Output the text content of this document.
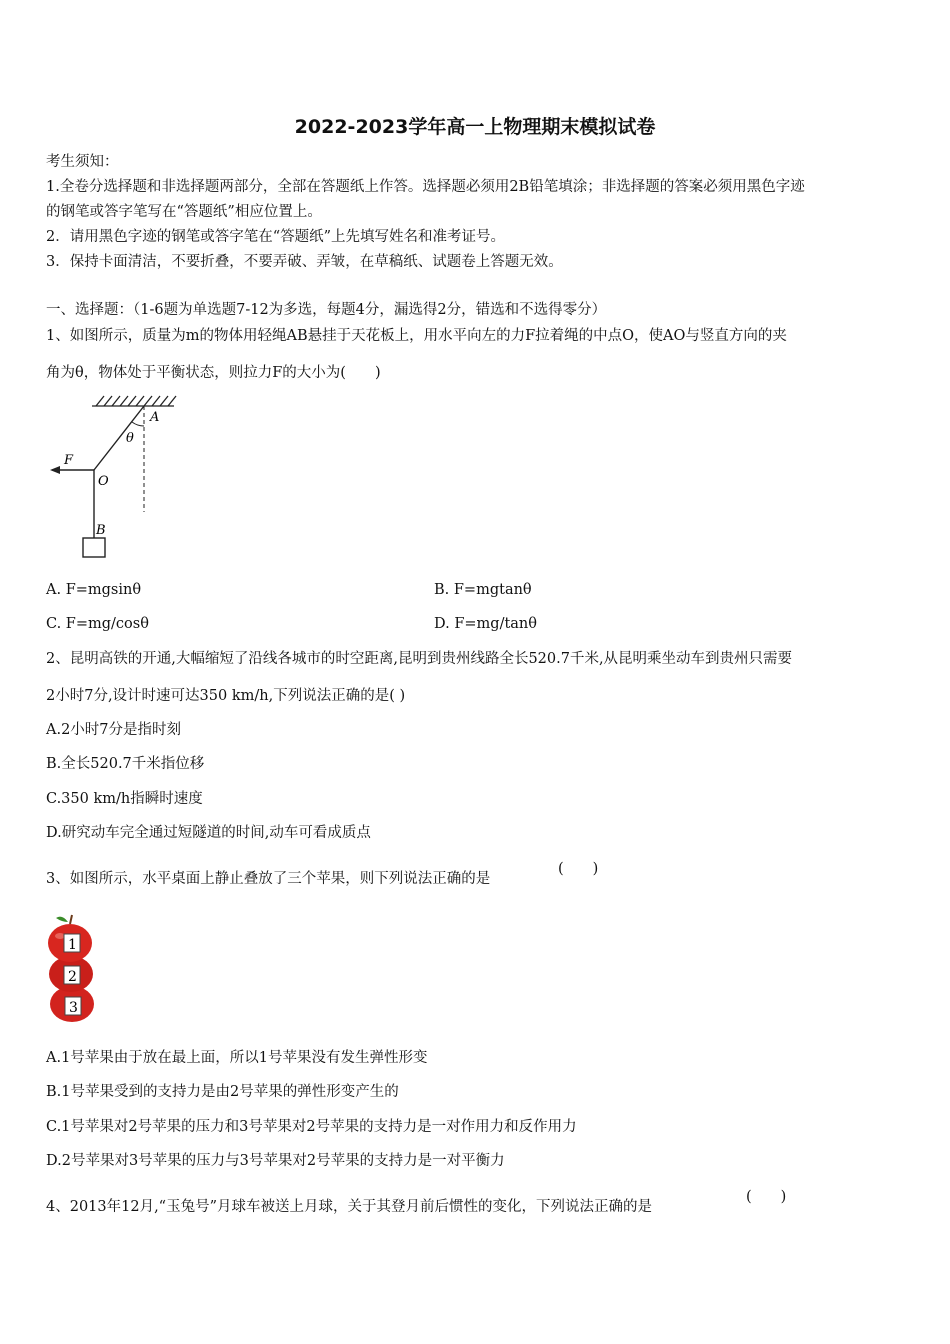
2022-2023学年高一上物理期末模拟试卷
考生须知：
1.全卷分选择题和非选择题两部分，全部在答题纸上作答。选择题必须用2B铅笔填涂；非选择题的答案必须用黑色字迹
的钢笔或答字笔写在“答题纸”相应位置上。
2．请用黑色字迹的钢笔或答字笔在“答题纸”上先填写姓名和准考证号。
3．保持卡面清洁，不要折叠，不要弄破、弄皱，在草稿纸、试题卷上答题无效。
一、选择题：（1-6题为单选题7-12为多选，每题4分，漏选得2分，错选和不选得零分）
1、如图所示，质量为m的物体用轻绳AB悬挂于天花板上，用水平向左的力F拉着绳的中点O，使AO与竖直方向的夹
角为θ，物体处于平衡状态，则拉力F的大小为(　　)
A
θ
F
O
B
A. F=mgsinθ	B. F=mgtanθ
C. F=mg/cosθ	D. F=mg/tanθ
2、昆明高铁的开通,大幅缩短了沿线各城市的时空距离,昆明到贵州线路全长520.7千米,从昆明乘坐动车到贵州只需要
2小时7分,设计时速可达350 km/h,下列说法正确的是( )
A.2小时7分是指时刻
B.全长520.7千米指位移
C.350 km/h指瞬时速度
D.研究动车完全通过短隧道的时间,动车可看成质点
3、如图所示，水平桌面上静止叠放了三个苹果，则下列说法正确的是
(　　)
1
2
3
A.1号苹果由于放在最上面，所以1号苹果没有发生弹性形变
B.1号苹果受到的支持力是由2号苹果的弹性形变产生的
C.1号苹果对2号苹果的压力和3号苹果对2号苹果的支持力是一对作用力和反作用力
D.2号苹果对3号苹果的压力与3号苹果对2号苹果的支持力是一对平衡力
4、2013年12月,“玉兔号”月球车被送上月球，关于其登月前后惯性的变化，下列说法正确的是
(　　)
